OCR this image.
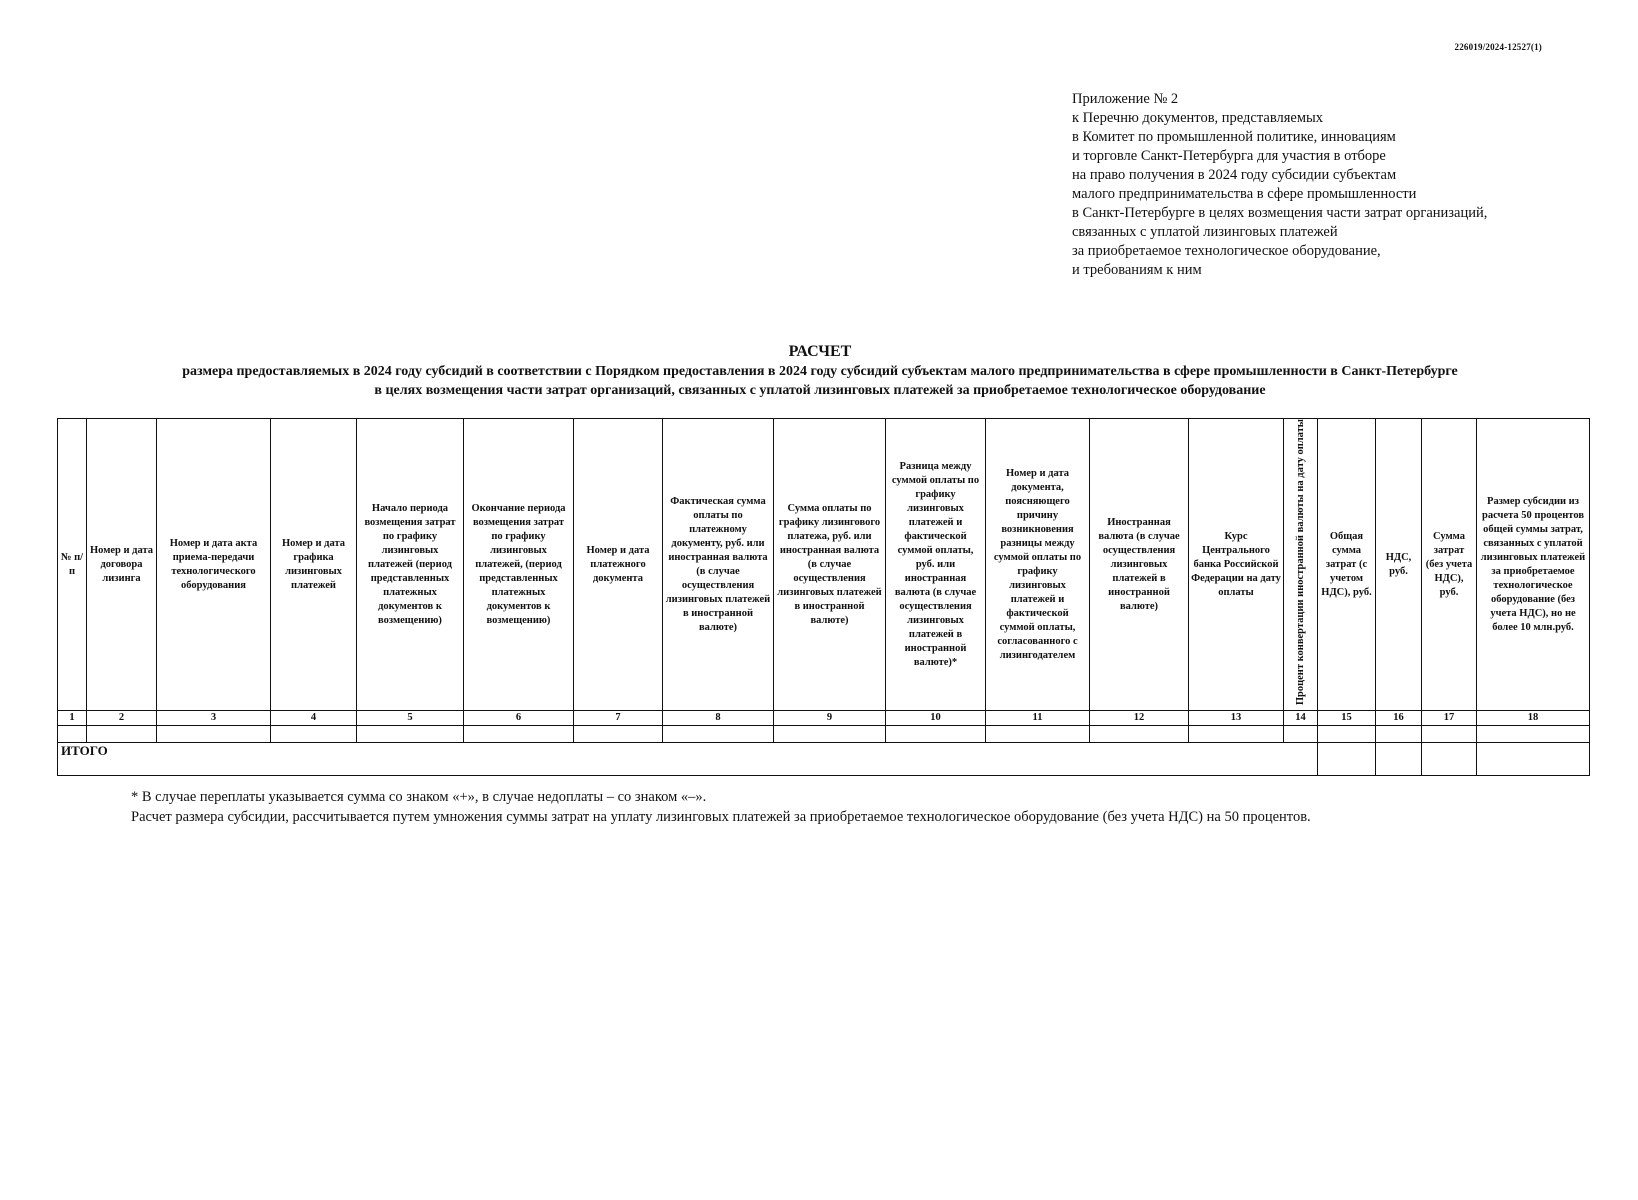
226019/2024-12527(1)
Приложение № 2
к Перечню документов, представляемых
в Комитет по промышленной политике, инновациям
и торговле Санкт-Петербурга для участия в отборе
на право получения в 2024 году субсидии субъектам
малого предпринимательства в сфере промышленности
в Санкт-Петербурге в целях возмещения части затрат организаций,
связанных с уплатой лизинговых платежей
за приобретаемое технологическое оборудование,
и требованиям к ним
РАСЧЕТ
размера предоставляемых в 2024 году субсидий в соответствии с Порядком предоставления в 2024 году субсидий субъектам малого предпринимательства в сфере промышленности в Санкт-Петербурге
в целях возмещения части затрат организаций, связанных с уплатой лизинговых платежей за приобретаемое технологическое оборудование
№ п/п	Номер и дата договора лизинга	Номер и дата акта приема-передачи технологического оборудования	Номер и дата графика лизинговых платежей	Начало периода возмещения затрат по графику лизинговых платежей (период представленных платежных документов к возмещению)	Окончание периода возмещения затрат по графику лизинговых платежей, (период представленных платежных документов к возмещению)	Номер и дата платежного документа	Фактическая сумма оплаты по платежному документу, руб. или иностранная валюта (в случае осуществления лизинговых платежей в иностранной валюте)	Сумма оплаты по графику лизингового платежа, руб. или иностранная валюта (в случае осуществления лизинговых платежей в иностранной валюте)	Разница между суммой оплаты по графику лизинговых платежей и фактической суммой оплаты, руб. или иностранная валюта (в случае осуществления лизинговых платежей в иностранной валюте)*	Номер и дата документа, поясняющего причину возникновения разницы между суммой оплаты по графику лизинговых платежей и фактической суммой оплаты, согласованного с лизингодателем	Иностранная валюта (в случае осуществления лизинговых платежей в иностранной валюте)	Курс Центрального банка Российской Федерации на дату оплаты	Процент конвертации иностранной валюты на дату оплаты	Общая сумма затрат (с учетом НДС), руб.	НДС, руб.	Сумма затрат (без учета НДС), руб.	Размер субсидии из расчета 50 процентов общей суммы затрат, связанных с уплатой лизинговых платежей за приобретаемое технологическое оборудование (без учета НДС), но не более 10 млн.руб.
1	2	3	4	5	6	7	8	9	10	11	12	13	14	15	16	17	18

ИТОГО																	
* В случае переплаты указывается сумма со знаком «+», в случае недоплаты – со знаком «–».
Расчет размера субсидии, рассчитывается путем умножения суммы затрат на уплату лизинговых платежей за приобретаемое технологическое оборудование (без учета НДС) на 50 процентов.
